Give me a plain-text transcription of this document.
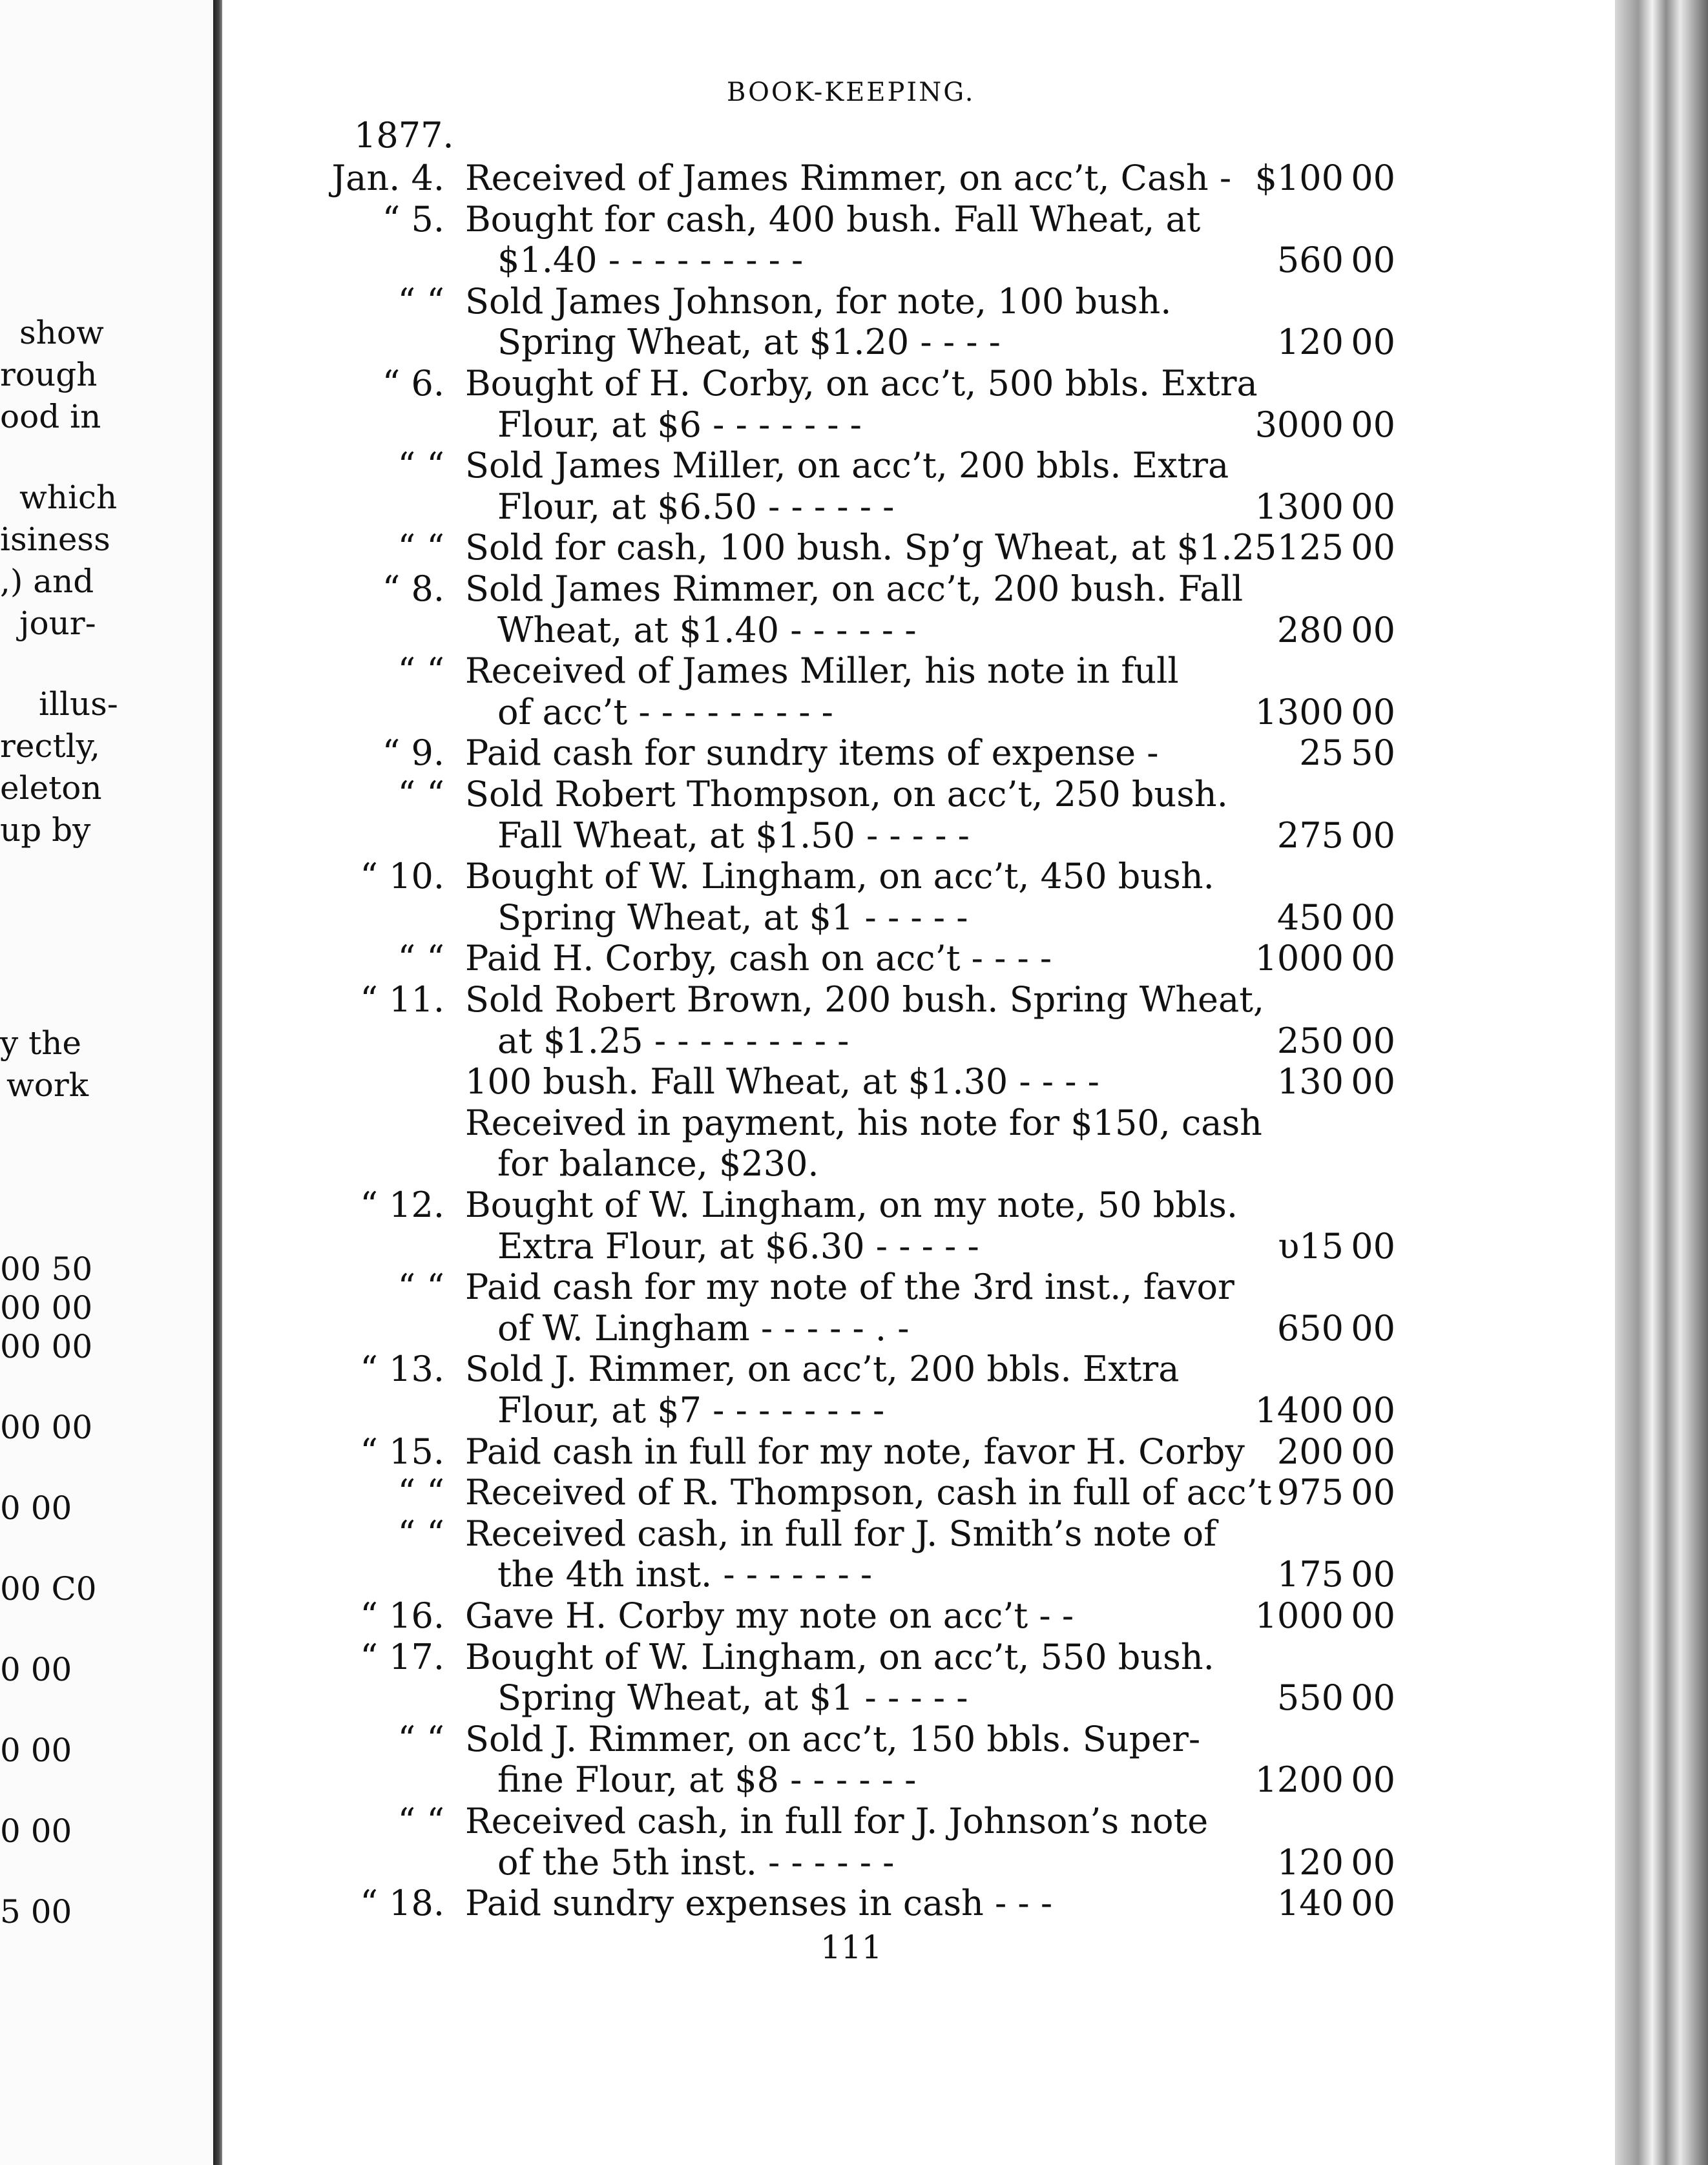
show
rough
ood in
which
isiness
,) and
jour-
illus-
rectly,
eleton
up by
y the
work
00 50
00 00
00 00
00 00
0 00
00 C0
0 00
0 00
0 00
5 00
BOOK-KEEPING.
1877.
Jan. 4. Received of James Rimmer, on acc’t, Cash - $100 00
“ 5. Bought for cash, 400 bush. Fall Wheat, at
$1.40 - - - - - - - - -	560 00
“ “ Sold James Johnson, for note, 100 bush.
Spring Wheat, at $1.20 - - - -	120 00
“ 6. Bought of H. Corby, on acc’t, 500 bbls. Extra
Flour, at $6 - - - - - - -	3000 00
“ “ Sold James Miller, on acc’t, 200 bbls. Extra
Flour, at $6.50 - - - - - -	1300 00
“ “ Sold for cash, 100 bush. Sp’g Wheat, at $1.25 125 00
“ 8. Sold James Rimmer, on acc’t, 200 bush. Fall
Wheat, at $1.40 - - - - - -	280 00
“ “ Received of James Miller, his note in full
of acc’t - - - - - - - - -	1300 00
“ 9. Paid cash for sundry items of expense -	25 50
“ “ Sold Robert Thompson, on acc’t, 250 bush.
Fall Wheat, at $1.50 - - - - -	275 00
“ 10. Bought of W. Lingham, on acc’t, 450 bush.
Spring Wheat, at $1 - - - - -	450 00
“ “ Paid H. Corby, cash on acc’t - - - -	1000 00
“ 11. Sold Robert Brown, 200 bush. Spring Wheat,
at $1.25 - - - - - - - - -	250 00
100 bush. Fall Wheat, at $1.30 - - - -	130 00
Received in payment, his note for $150, cash
for balance, $230.
“ 12. Bought of W. Lingham, on my note, 50 bbls.
Extra Flour, at $6.30 - - - - -	υ15 00
“ “ Paid cash for my note of the 3rd inst., favor
of W. Lingham - - - - - . -	650 00
“ 13. Sold J. Rimmer, on acc’t, 200 bbls. Extra
Flour, at $7 - - - - - - - -	1400 00
“ 15. Paid cash in full for my note, favor H. Corby 200 00
“ “ Received of R. Thompson, cash in full of acc’t 975 00
“ “ Received cash, in full for J. Smith’s note of
the 4th inst. - - - - - - -	175 00
“ 16. Gave H. Corby my note on acc’t - -	1000 00
“ 17. Bought of W. Lingham, on acc’t, 550 bush.
Spring Wheat, at $1 - - - - -	550 00
“ “ Sold J. Rimmer, on acc’t, 150 bbls. Super-
fine Flour, at $8 - - - - - -	1200 00
“ “ Received cash, in full for J. Johnson’s note
of the 5th inst. - - - - - -	120 00
“ 18. Paid sundry expenses in cash - - -	140 00
111
